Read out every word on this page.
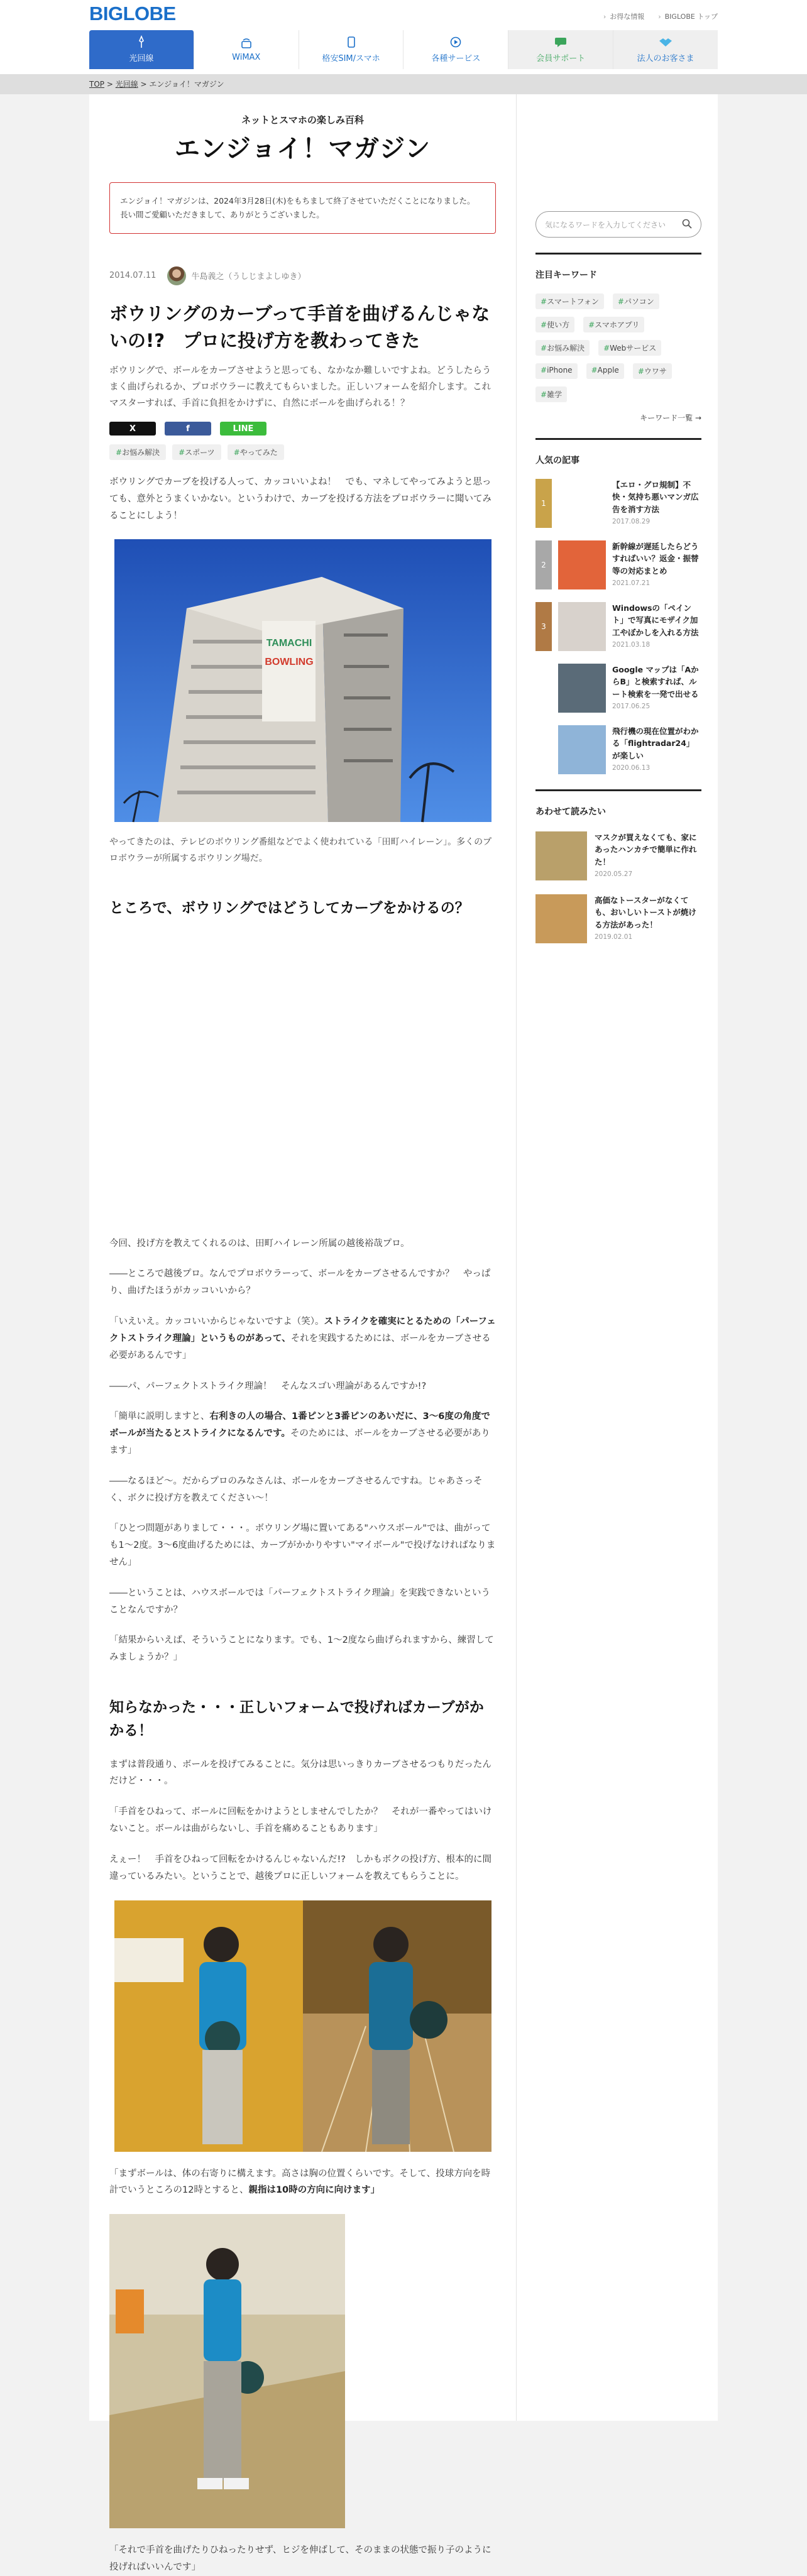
BIGLOBE	› お得な情報	› BIGLOBE トップ
光回線	WiMAX	格安SIM/スマホ	各種サービス	会員サポート	法人のお客さま
TOP > 光回線 > エンジョイ！マガジン
ネットとスマホの楽しみ百科
エンジョイ！マガジン
エンジョイ！マガジンは、2024年3月28日(木)をもちまして終了させていただくことになりました。
長い間ご愛顧いただきまして、ありがとうございました。
2014.07.11	牛島義之（うしじまよしゆき）
ボウリングのカーブって手首を曲げるんじゃないの!?　プロに投げ方を教わってきた

ボウリングで、ボールをカーブさせようと思っても、なかなか難しいですよね。どうしたらうまく曲げられるか、プロボウラーに教えてもらいました。正しいフォームを紹介します。これマスターすれば、手首に負担をかけずに、自然にボールを曲げられる！？

X	f	LINE
# お悩み解決	# スポーツ	# やってみた

ボウリングでカーブを投げる人って、カッコいいよね！　でも、マネしてやってみようと思っても、意外とうまくいかない。というわけで、カーブを投げる方法をプロボウラーに聞いてみることにしよう！

TAMACHI
BOWLING

やってきたのは、テレビのボウリング番組などでよく使われている「田町ハイレーン」。多くのプロボウラーが所属するボウリング場だ。

ところで、ボウリングではどうしてカーブをかけるの？

今回、投げ方を教えてくれるのは、田町ハイレーン所属の越後裕哉プロ。

――ところで越後プロ。なんでプロボウラーって、ボールをカーブさせるんですか？　やっぱり、曲げたほうがカッコいいから？

「いえいえ。カッコいいからじゃないですよ（笑）。ストライクを確実にとるための「パーフェクトストライク理論」というものがあって、それを実践するためには、ボールをカーブさせる必要があるんです」

――パ、パーフェクトストライク理論！　そんなスゴい理論があるんですか!?

「簡単に説明しますと、右利きの人の場合、1番ピンと3番ピンのあいだに、3〜6度の角度でボールが当たるとストライクになるんです。そのためには、ボールをカーブさせる必要があります」

――なるほど〜。だからプロのみなさんは、ボールをカーブさせるんですね。じゃあさっそく、ボクに投げ方を教えてください〜！

「ひとつ問題がありまして・・・。ボウリング場に置いてある"ハウスボール"では、曲がっても1〜2度。3〜6度曲げるためには、カーブがかかりやすい"マイボール"で投げなければなりません」

――ということは、ハウスボールでは「パーフェクトストライク理論」を実践できないということなんですか？

「結果からいえば、そういうことになります。でも、1〜2度なら曲げられますから、練習してみましょうか？」

知らなかった・・・正しいフォームで投げればカーブがかかる！

まずは普段通り、ボールを投げてみることに。気分は思いっきりカーブさせるつもりだったんだけど・・・。

「手首をひねって、ボールに回転をかけようとしませんでしたか？　それが一番やってはいけないこと。ボールは曲がらないし、手首を痛めることもあります」

えぇー！　手首をひねって回転をかけるんじゃないんだ!?　しかもボクの投げ方、根本的に間違っているみたい。ということで、越後プロに正しいフォームを教えてもらうことに。

「まずボールは、体の右寄りに構えます。高さは胸の位置くらいです。そして、投球方向を時計でいうところの12時とすると、親指は10時の方向に向けます」

「それで手首を曲げたりひねったりせず、ヒジを伸ばして、そのままの状態で振り子のように投げればいいんです」

気になるワードを入力してください
注目キーワード
# スマートフォン	# パソコン
# 使い方	# スマホアプリ
# お悩み解決	# Webサービス
# iPhone	# Apple	# ウワサ
# 雑学
キーワード一覧 →
人気の記事
1
【エロ・グロ規制】不快・気持ち悪いマンガ広告を消す方法
2017.08.29
2
新幹線が遅延したらどうすればいい？返金・振替等の対応まとめ
2021.07.21
3
Windowsの「ペイント」で写真にモザイク加工やぼかしを入れる方法
2021.03.18
Google マップは「AからB」と検索すれば、ルート検索を一発で出せる
2017.06.25
飛行機の現在位置がわかる「flightradar24」が楽しい
2020.06.13
あわせて読みたい
マスクが買えなくても、家にあったハンカチで簡単に作れた！
2020.05.27
高価なトースターがなくても、おいしいトーストが焼ける方法があった！
2019.02.01
